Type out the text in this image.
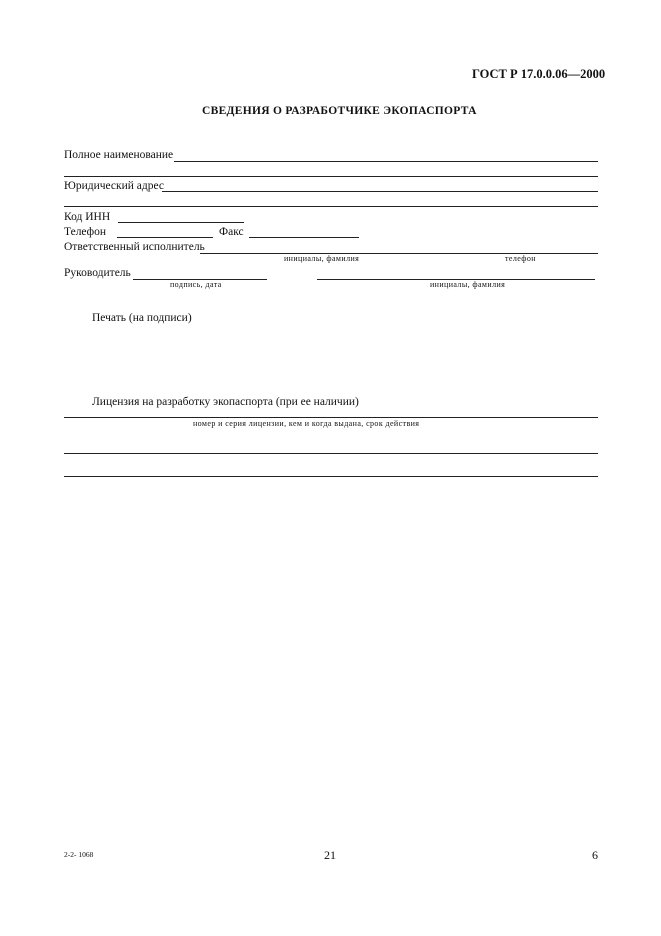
ГОСТ Р 17.0.0.06—2000
СВЕДЕНИЯ О РАЗРАБОТЧИКЕ ЭКОПАСПОРТА
Полное наименование
Юридический адрес
Код ИНН
Телефон	Факс
Ответственный исполнитель
инициалы, фамилия	телефон
Руководитель
подпись, дата	инициалы, фамилия
Печать (на подписи)
Лицензия на разработку экопаспорта (при ее наличии)
номер и серия лицензии, кем и когда выдана, срок действия
2-2- 1068	21	6
